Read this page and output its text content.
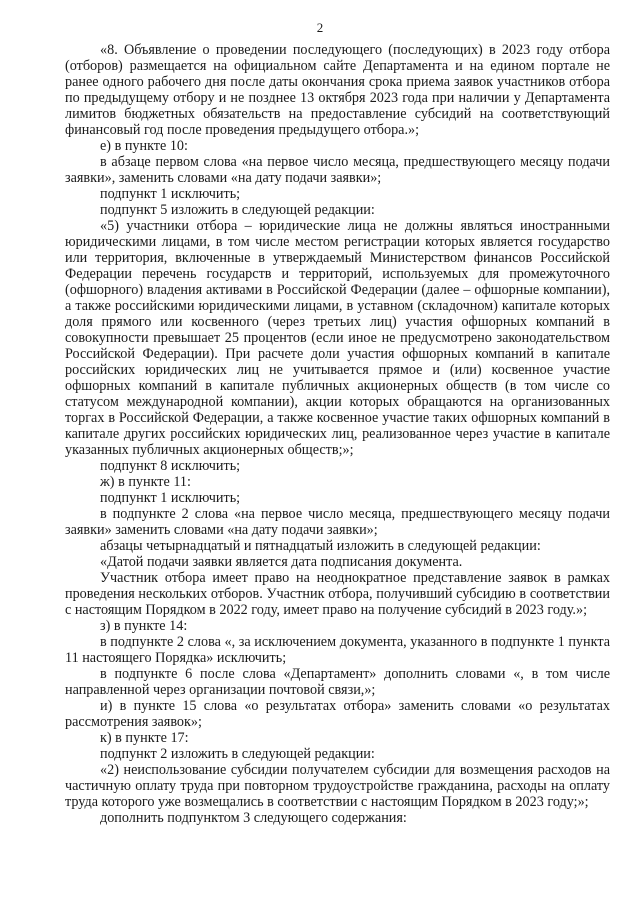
2

«8. Объявление о проведении последующего (последующих) в 2023 году отбора (отборов) размещается на официальном сайте Департамента и на едином портале не ранее одного рабочего дня после даты окончания срока приема заявок участников отбора по предыдущему отбору и не позднее 13 октября 2023 года при наличии у Департамента лимитов бюджетных обязательств на предоставление субсидий на соответствующий финансовый год после проведения предыдущего отбора.»;

е) в пункте 10:

в абзаце первом слова «на первое число месяца, предшествующего месяцу подачи заявки», заменить словами «на дату подачи заявки»;

подпункт 1 исключить;

подпункт 5 изложить в следующей редакции:

«5) участники отбора – юридические лица не должны являться иностранными юридическими лицами, в том числе местом регистрации которых является государство или территория, включенные в утверждаемый Министерством финансов Российской Федерации перечень государств и территорий, используемых для промежуточного (офшорного) владения активами в Российской Федерации (далее – офшорные компании), а также российскими юридическими лицами, в уставном (складочном) капитале которых доля прямого или косвенного (через третьих лиц) участия офшорных компаний в совокупности превышает 25 процентов (если иное не предусмотрено законодательством Российской Федерации). При расчете доли участия офшорных компаний в капитале российских юридических лиц не учитывается прямое и (или) косвенное участие офшорных компаний в капитале публичных акционерных обществ (в том числе со статусом международной компании), акции которых обращаются на организованных торгах в Российской Федерации, а также косвенное участие таких офшорных компаний в капитале других российских юридических лиц, реализованное через участие в капитале указанных публичных акционерных обществ;»;

подпункт 8 исключить;

ж) в пункте 11:

подпункт 1 исключить;

в подпункте 2 слова «на первое число месяца, предшествующего месяцу подачи заявки» заменить словами «на дату подачи заявки»;

абзацы четырнадцатый и пятнадцатый изложить в следующей редакции:

«Датой подачи заявки является дата подписания документа.

Участник отбора имеет право на неоднократное представление заявок в рамках проведения нескольких отборов. Участник отбора, получивший субсидию в соответствии с настоящим Порядком в 2022 году, имеет право на получение субсидий в 2023 году.»;

з) в пункте 14:

в подпункте 2 слова «, за исключением документа, указанного в подпункте 1 пункта 11 настоящего Порядка» исключить;

в подпункте 6 после слова «Департамент» дополнить словами «, в том числе направленной через организации почтовой связи,»;

и) в пункте 15 слова «о результатах отбора» заменить словами «о результатах рассмотрения заявок»;

к) в пункте 17:

подпункт 2 изложить в следующей редакции:

«2) неиспользование субсидии получателем субсидии для возмещения расходов на частичную оплату труда при повторном трудоустройстве гражданина, расходы на оплату труда которого уже возмещались в соответствии с настоящим Порядком в 2023 году;»;

дополнить подпунктом 3 следующего содержания:
